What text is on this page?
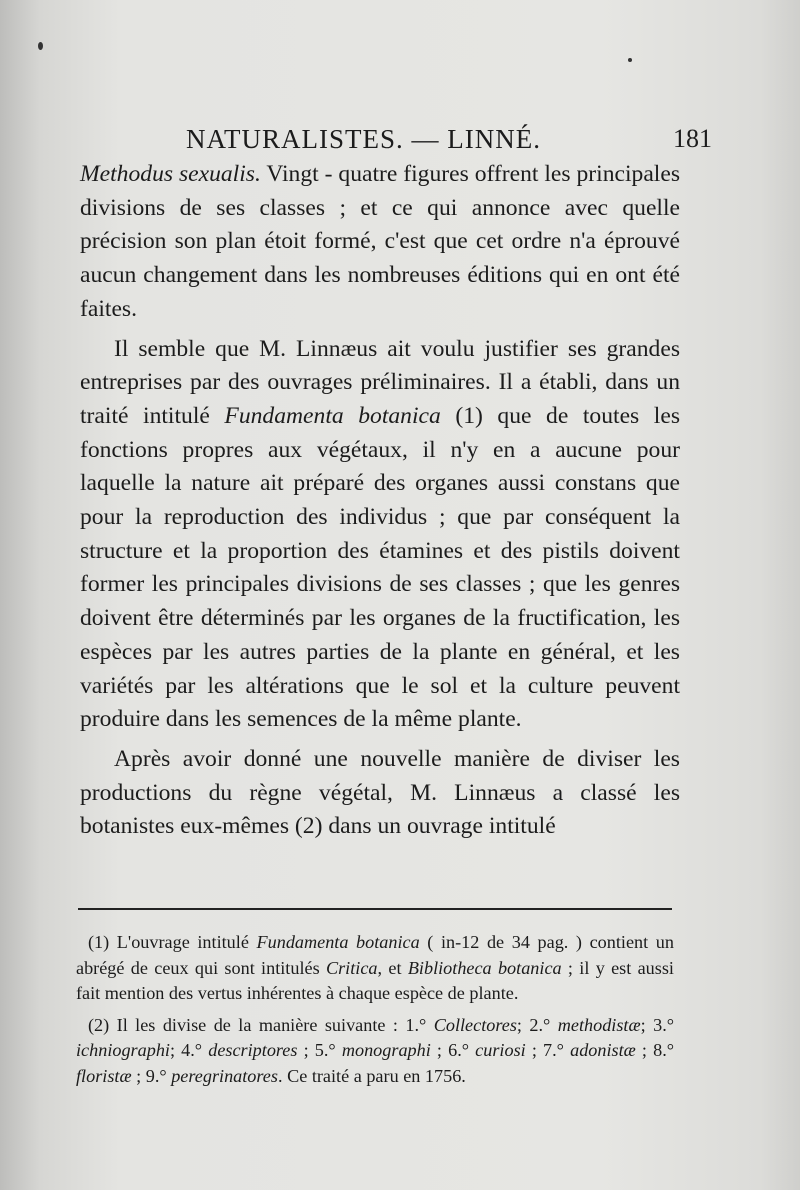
NATURALISTES. — LINNÉ.	181

Methodus sexualis. Vingt - quatre figures offrent les principales divisions de ses classes ; et ce qui annonce avec quelle précision son plan étoit formé, c'est que cet ordre n'a éprouvé aucun changement dans les nombreuses éditions qui en ont été faites.

Il semble que M. Linnæus ait voulu justifier ses grandes entreprises par des ouvrages préliminaires. Il a établi, dans un traité intitulé Fundamenta botanica (1) que de toutes les fonctions propres aux végétaux, il n'y en a aucune pour laquelle la nature ait préparé des organes aussi constans que pour la reproduction des individus ; que par conséquent la structure et la proportion des étamines et des pistils doivent former les principales divisions de ses classes ; que les genres doivent être déterminés par les organes de la fructification, les espèces par les autres parties de la plante en général, et les variétés par les altérations que le sol et la culture peuvent produire dans les semences de la même plante.

Après avoir donné une nouvelle manière de diviser les productions du règne végétal, M. Linnæus a classé les botanistes eux-mêmes (2) dans un ouvrage intitulé

(1) L'ouvrage intitulé Fundamenta botanica ( in-12 de 34 pag. ) contient un abrégé de ceux qui sont intitulés Critica, et Bibliotheca botanica ; il y est aussi fait mention des vertus inhérentes à chaque espèce de plante.

(2) Il les divise de la manière suivante : 1.° Collectores; 2.° methodistæ; 3.° ichniographi; 4.° descriptores ; 5.° monographi ; 6.° curiosi ; 7.° adonistæ ; 8.° floristæ ; 9.° peregrinatores. Ce traité a paru en 1756.
